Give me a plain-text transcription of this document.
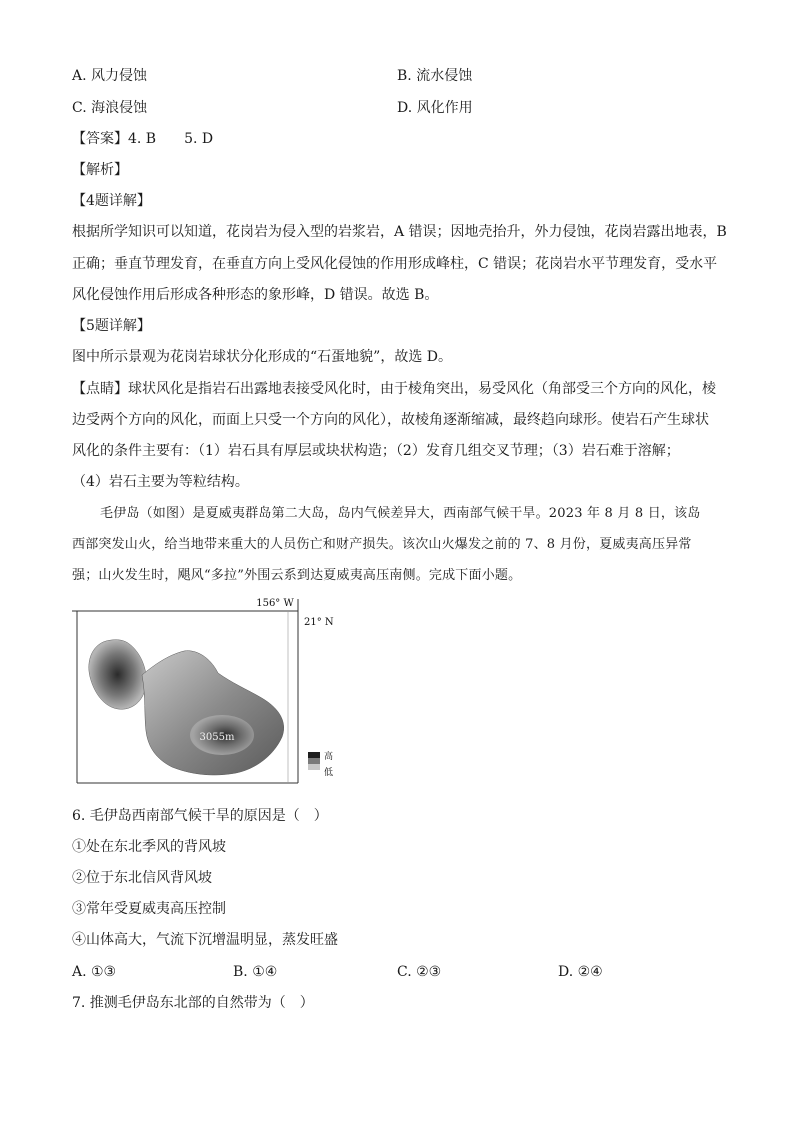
A. 风力侵蚀	B. 流水侵蚀
C. 海浪侵蚀	D. 风化作用
【答案】4. B　　5. D
【解析】
【4题详解】
根据所学知识可以知道，花岗岩为侵入型的岩浆岩，A 错误；因地壳抬升，外力侵蚀，花岗岩露出地表，B
正确；垂直节理发育，在垂直方向上受风化侵蚀的作用形成峰柱，C 错误；花岗岩水平节理发育，受水平
风化侵蚀作用后形成各种形态的象形峰，D 错误。故选 B。
【5题详解】
图中所示景观为花岗岩球状分化形成的“石蛋地貌”，故选 D。
【点睛】球状风化是指岩石出露地表接受风化时，由于棱角突出，易受风化（角部受三个方向的风化，棱
边受两个方向的风化，而面上只受一个方向的风化），故棱角逐渐缩减，最终趋向球形。使岩石产生球状
风化的条件主要有：（1）岩石具有厚层或块状构造；（2）发育几组交叉节理；（3）岩石难于溶解；
（4）岩石主要为等粒结构。
毛伊岛（如图）是夏威夷群岛第二大岛，岛内气候差异大，西南部气候干旱。2023 年 8 月 8 日，该岛
西部突发山火，给当地带来重大的人员伤亡和财产损失。该次山火爆发之前的 7、8 月份，夏威夷高压异常
强；山火发生时，飓风“多拉”外围云系到达夏威夷高压南侧。完成下面小题。
156° W
21° N
3055m
高
低
6. 毛伊岛西南部气候干旱的原因是（　）
①处在东北季风的背风坡
②位于东北信风背风坡
③常年受夏威夷高压控制
④山体高大，气流下沉增温明显，蒸发旺盛
A. ①③	B. ①④	C. ②③	D. ②④
7. 推测毛伊岛东北部的自然带为（　）
